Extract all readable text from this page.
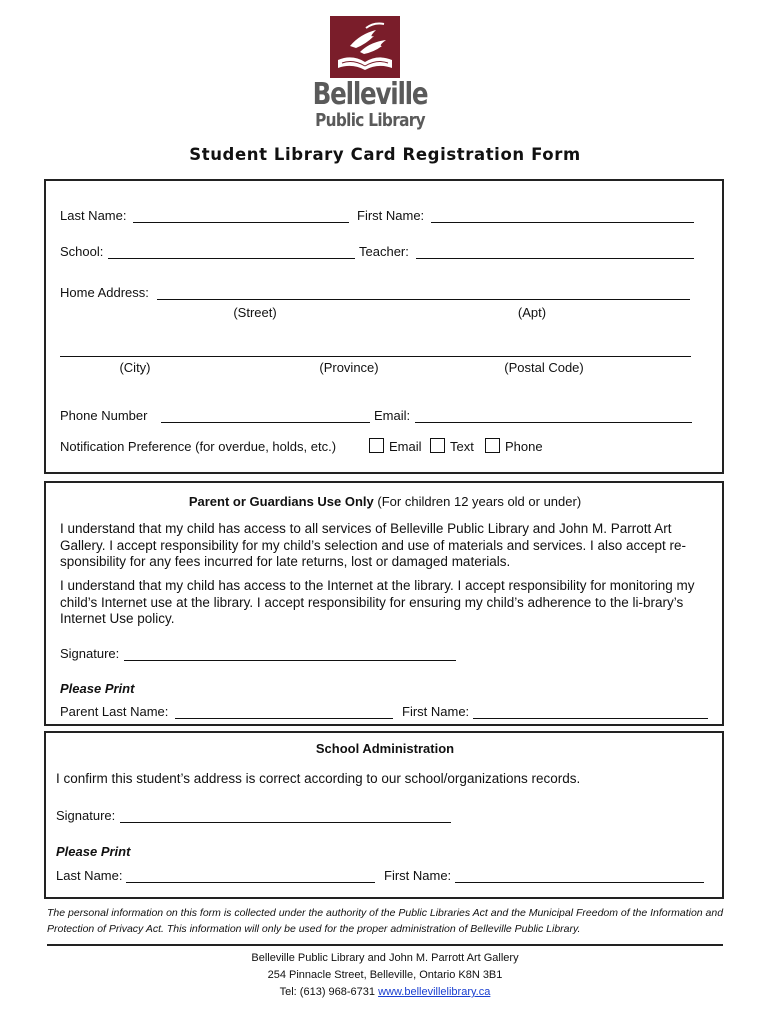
Belleville
Public Library
Student Library Card Registration Form
Last Name:	First Name:
School:	Teacher:
Home Address:
(Street)	(Apt)
(City)	(Province)	(Postal Code)
Phone Number	Email:
Notification Preference (for overdue, holds, etc.)	Email Text Phone
Parent or Guardians Use Only (For children 12 years old or under)
I understand that my child has access to all services of Belleville Public Library and John M. Parrott Art Gallery. I accept responsibility for my child’s selection and use of materials and services. I also accept re-sponsibility for any fees incurred for late returns, lost or damaged materials.
I understand that my child has access to the Internet at the library. I accept responsibility for monitoring my child’s Internet use at the library. I accept responsibility for ensuring my child’s adherence to the li-brary’s Internet Use policy.
Signature:
Please Print
Parent Last Name:	First Name:
School Administration
I confirm this student’s address is correct according to our school/organizations records.
Signature:
Please Print
Last Name:	First Name:
The personal information on this form is collected under the authority of the Public Libraries Act and the Municipal Freedom of the Information and Protection of Privacy Act. This information will only be used for the proper administration of Belleville Public Library.
Belleville Public Library and John M. Parrott Art Gallery
254 Pinnacle Street, Belleville, Ontario K8N 3B1
Tel: (613) 968-6731 www.bellevillelibrary.ca
